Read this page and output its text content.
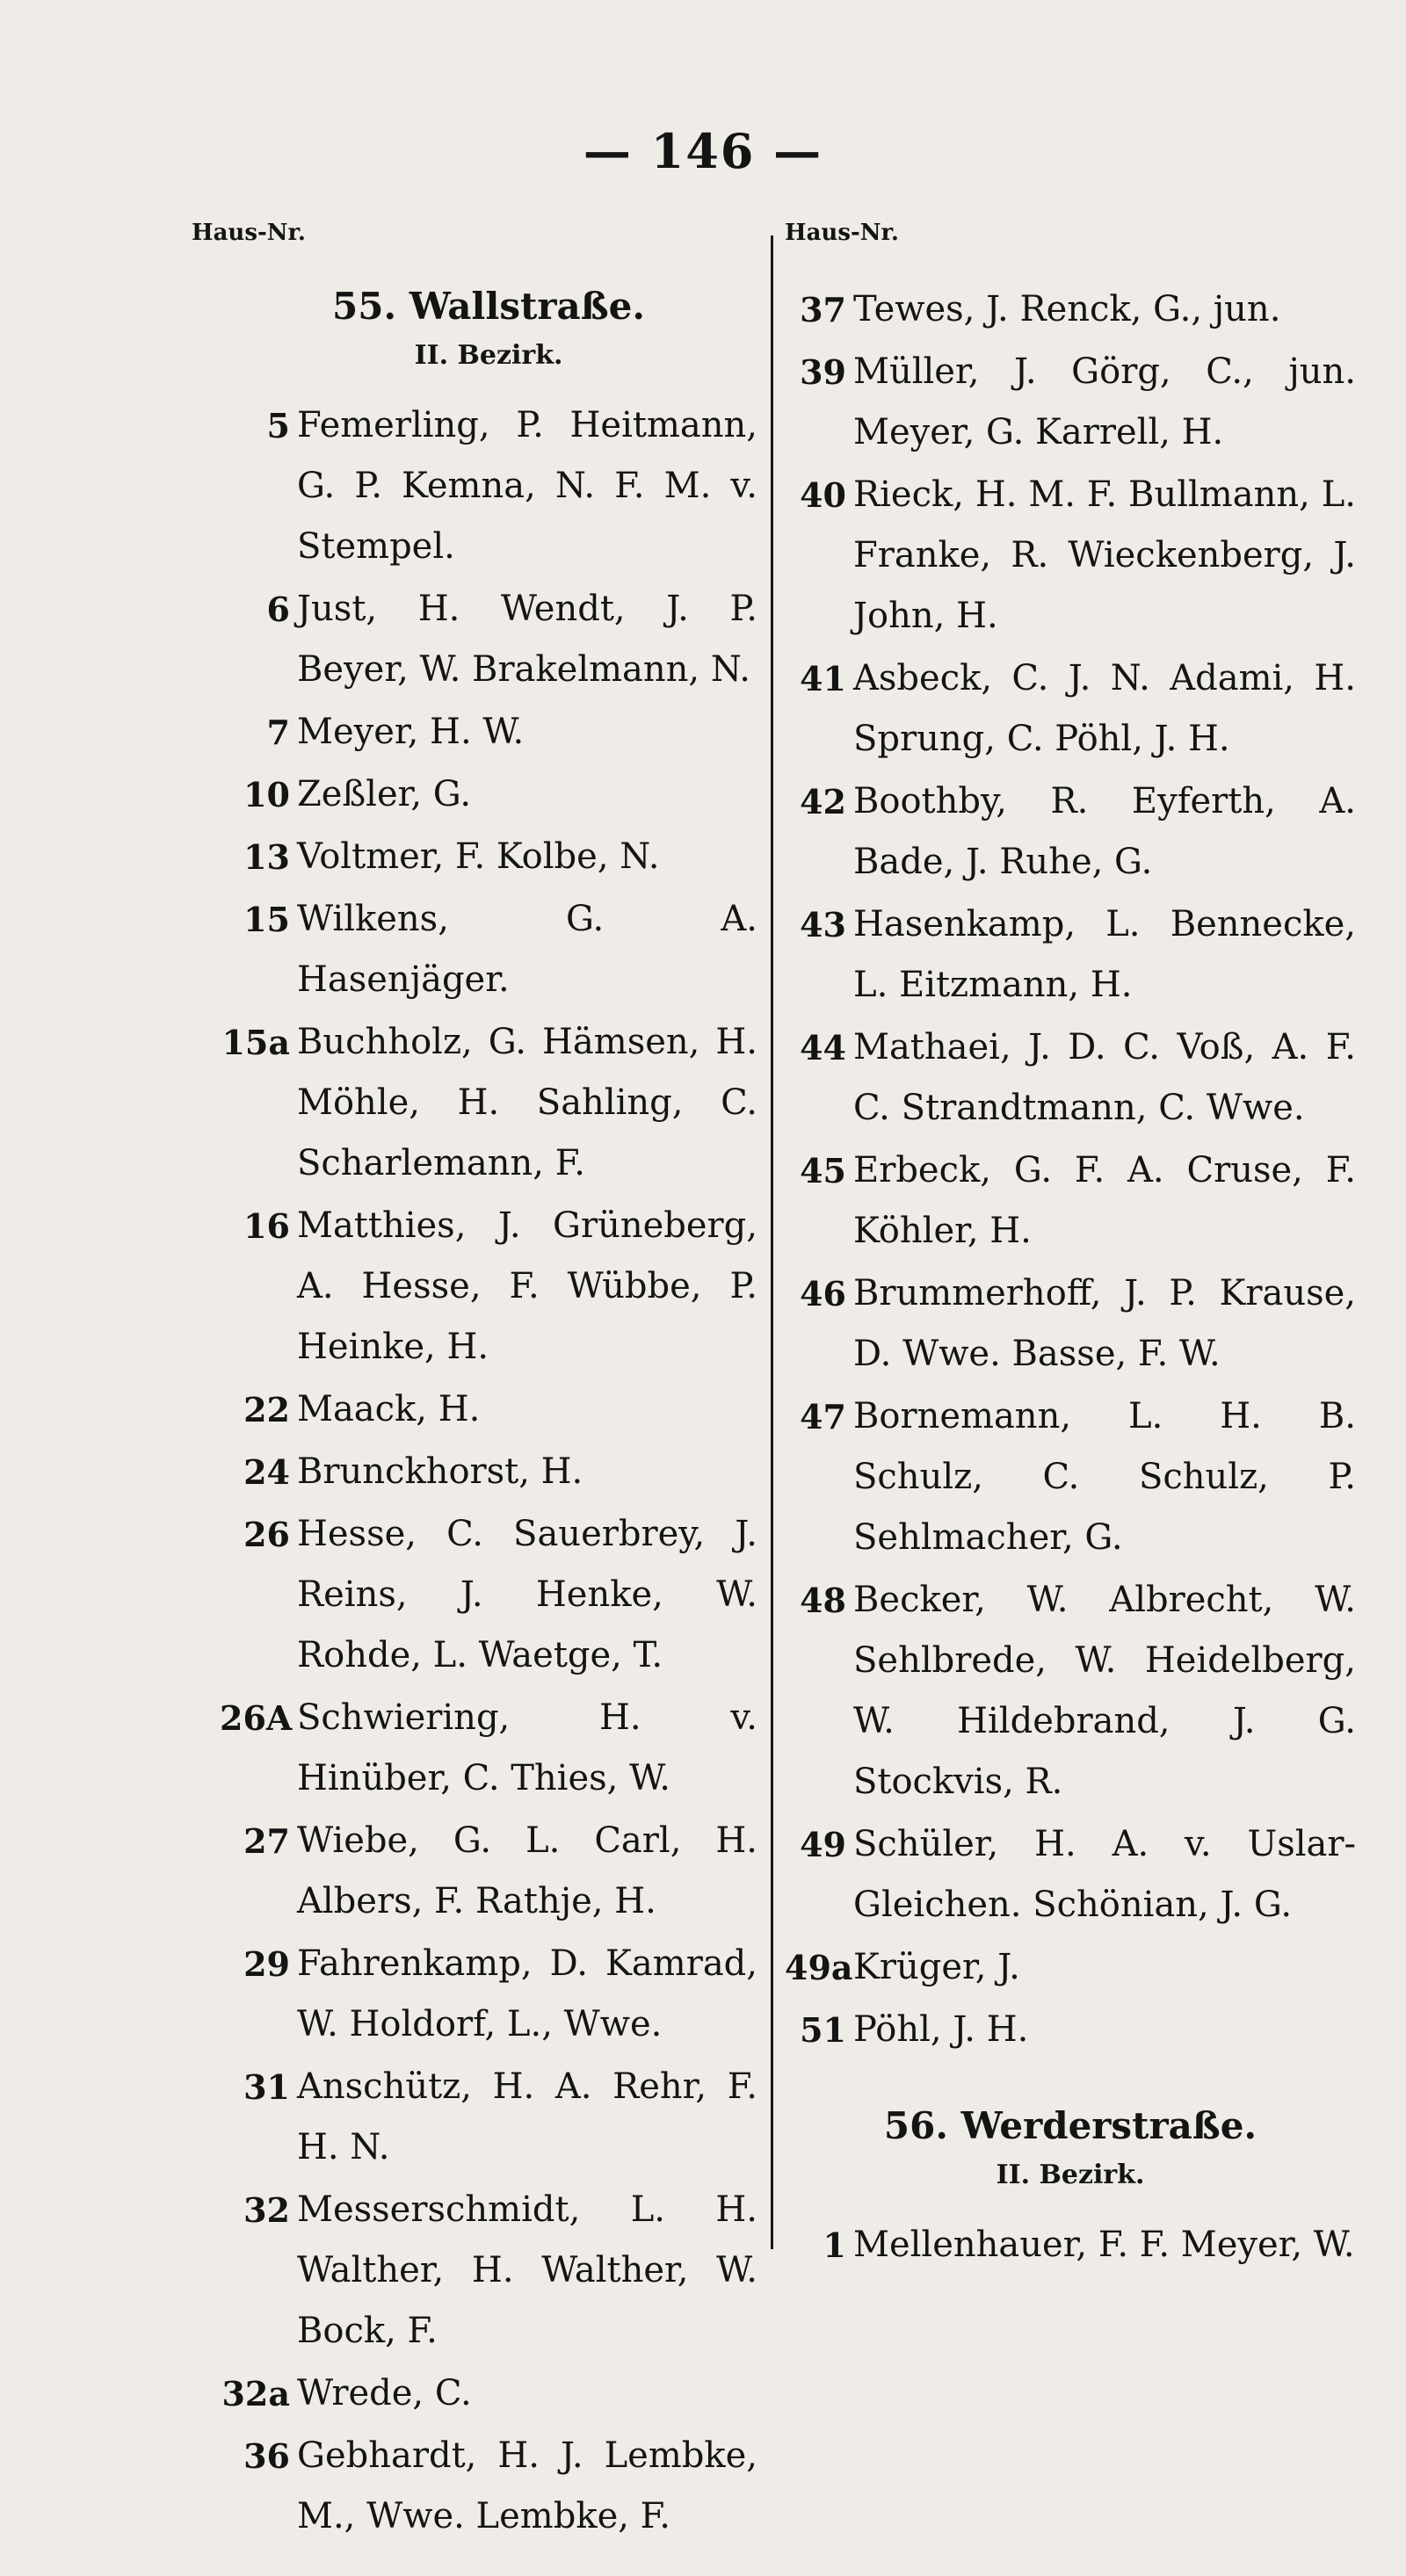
— 146 —
Haus-Nr.	Haus-Nr.
55. Wallstraße.
II. Bezirk.
5 Femerling, P. Heitmann, G. P. Kemna, N. F. M. v. Stempel.
6 Just, H. Wendt, J. P. Beyer, W. Brakelmann, N.
7 Meyer, H. W.
10 Zeßler, G.
13 Voltmer, F. Kolbe, N.
15 Wilkens, G. A. Hasenjäger.
15a Buchholz, G. Hämsen, H. Möhle, H. Sahling, C. Scharlemann, F.
16 Matthies, J. Grüneberg, A. Hesse, F. Wübbe, P. Heinke, H.
22 Maack, H.
24 Brunckhorst, H.
26 Hesse, C. Sauerbrey, J. Reins, J. Henke, W. Rohde, L. Waetge, T.
26A Schwiering, H. v. Hinüber, C. Thies, W.
27 Wiebe, G. L. Carl, H. Albers, F. Rathje, H.
29 Fahrenkamp, D. Kamrad, W. Holdorf, L., Wwe.
31 Anschütz, H. A. Rehr, F. H. N.
32 Messerschmidt, L. H. Walther, H. Walther, W. Bock, F.
32a Wrede, C.
36 Gebhardt, H. J. Lembke, M., Wwe. Lembke, F.
37 Tewes, J. Renck, G., jun.
39 Müller, J. Görg, C., jun. Meyer, G. Karrell, H.
40 Rieck, H. M. F. Bullmann, L. Franke, R. Wieckenberg, J. John, H.
41 Asbeck, C. J. N. Adami, H. Sprung, C. Pöhl, J. H.
42 Boothby, R. Eyferth, A. Bade, J. Ruhe, G.
43 Hasenkamp, L. Bennecke, L. Eitzmann, H.
44 Mathaei, J. D. C. Voß, A. F. C. Strandtmann, C. Wwe.
45 Erbeck, G. F. A. Cruse, F. Köhler, H.
46 Brummerhoff, J. P. Krause, D. Wwe. Basse, F. W.
47 Bornemann, L. H. B. Schulz, C. Schulz, P. Sehlmacher, G.
48 Becker, W. Albrecht, W. Sehlbrede, W. Heidelberg, W. Hildebrand, J. G. Stockvis, R.
49 Schüler, H. A. v. Uslar-Gleichen. Schönian, J. G.
49a Krüger, J.
51 Pöhl, J. H.
56. Werderstraße.
II. Bezirk.
1 Mellenhauer, F. F. Meyer, W.
